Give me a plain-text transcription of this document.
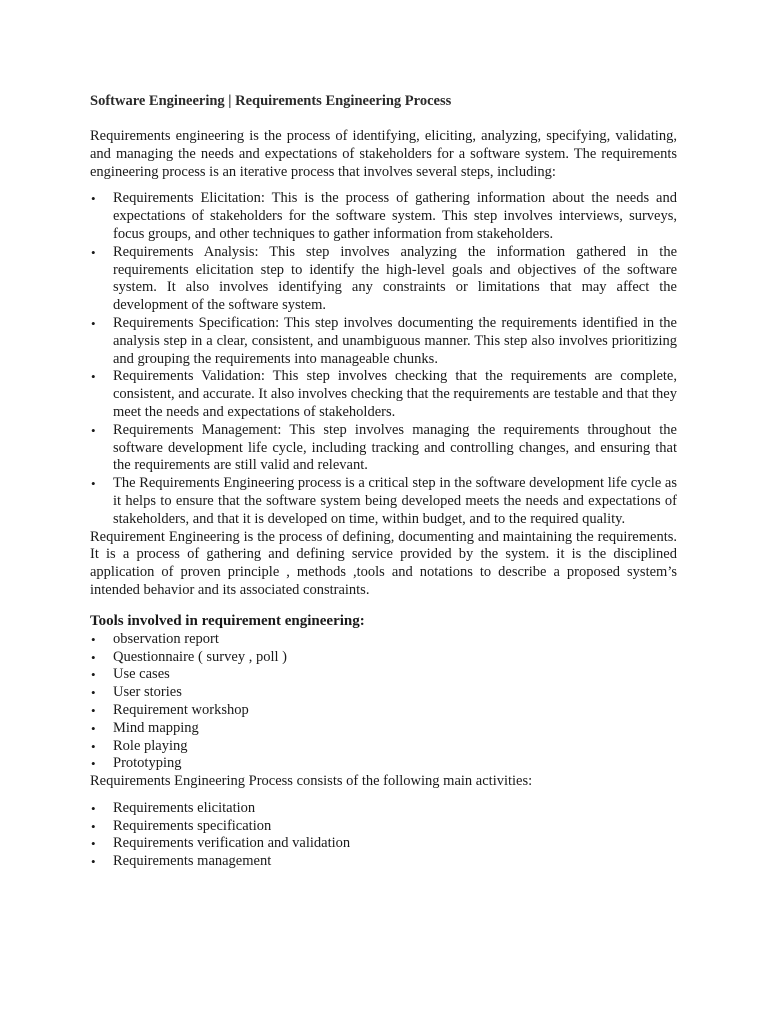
Software Engineering | Requirements Engineering Process

Requirements engineering is the process of identifying, eliciting, analyzing, specifying, validating, and managing the needs and expectations of stakeholders for a software system. The requirements engineering process is an iterative process that involves several steps, including:

• Requirements Elicitation: This is the process of gathering information about the needs and expectations of stakeholders for the software system. This step involves interviews, surveys, focus groups, and other techniques to gather information from stakeholders.
• Requirements Analysis: This step involves analyzing the information gathered in the requirements elicitation step to identify the high-level goals and objectives of the software system. It also involves identifying any constraints or limitations that may affect the development of the software system.
• Requirements Specification: This step involves documenting the requirements identified in the analysis step in a clear, consistent, and unambiguous manner. This step also involves prioritizing and grouping the requirements into manageable chunks.
• Requirements Validation: This step involves checking that the requirements are complete, consistent, and accurate. It also involves checking that the requirements are testable and that they meet the needs and expectations of stakeholders.
• Requirements Management: This step involves managing the requirements throughout the software development life cycle, including tracking and controlling changes, and ensuring that the requirements are still valid and relevant.
• The Requirements Engineering process is a critical step in the software development life cycle as it helps to ensure that the software system being developed meets the needs and expectations of stakeholders, and that it is developed on time, within budget, and to the required quality.

Requirement Engineering is the process of defining, documenting and maintaining the requirements. It is a process of gathering and defining service provided by the system. it is the disciplined application of proven principle , methods ,tools and notations to describe a proposed system’s intended behavior and its associated constraints.

Tools involved in requirement engineering:
• observation report
• Questionnaire ( survey , poll )
• Use cases
• User stories
• Requirement workshop
• Mind mapping
• Role playing
• Prototyping

Requirements Engineering Process consists of the following main activities:

• Requirements elicitation
• Requirements specification
• Requirements verification and validation
• Requirements management
